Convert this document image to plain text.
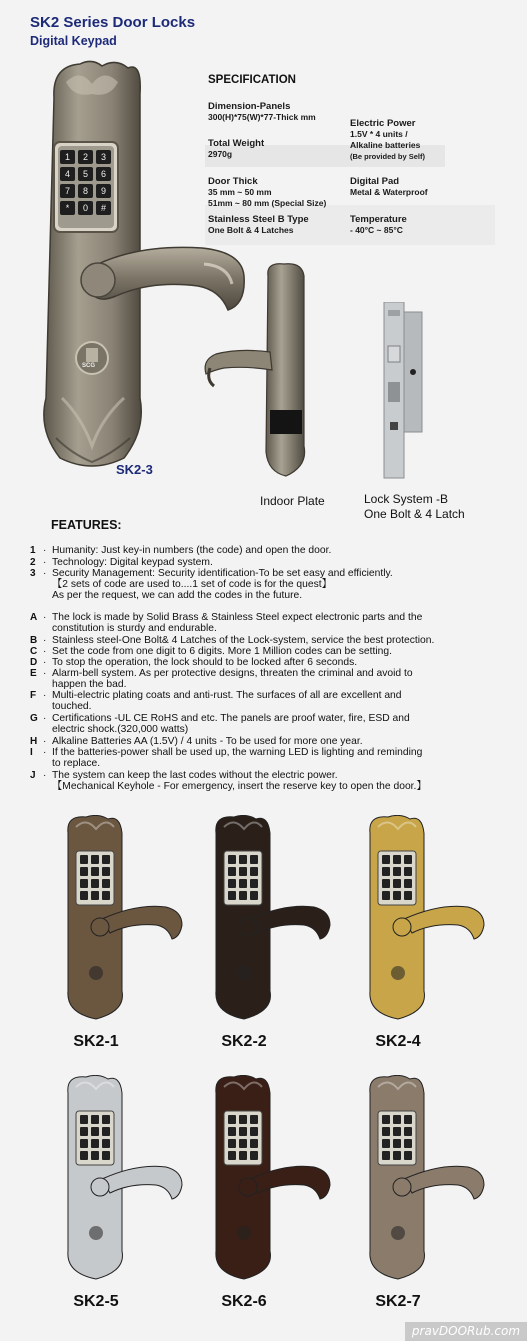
SK2 Series Door Locks
Digital Keypad
1	2	3
4	5	6
7	8	9
*	0	#
SCG
SK2-3
SPECIFICATION
Dimension-Panels
300(H)*75(W)*77-Thick mm
Total Weight
2970g
Door Thick
35 mm ~ 50 mm
51mm ~ 80 mm (Special Size)
Stainless Steel B Type
One Bolt & 4 Latches
Electric Power
1.5V * 4 units /
Alkaline batteries
(Be provided by Self)
Digital Pad
Metal & Waterproof
Temperature
- 40°C ~ 85°C
Indoor Plate	Lock System -B
One Bolt & 4 Latch
FEATURES:
1 · Humanity: Just key-in numbers (the code) and open the door.
2 · Technology: Digital keypad system.
3 · Security Management: Security identification-To be set easy and efficiently.
【2 sets of code are used to....1 set of code is for the quest】
As per the request, we can add the codes in the future.
A · The lock is made by Solid Brass & Stainless Steel expect electronic parts and the
constitution is sturdy and endurable.
B · Stainless steel-One Bolt& 4 Latches of the Lock-system, service the best protection.
C · Set the code from one digit to 6 digits. More 1 Million codes can be setting.
D · To stop the operation, the lock should to be locked after 6 seconds.
E · Alarm-bell system. As per protective designs, threaten the criminal and avoid to
happen the bad.
F · Multi-electric plating coats and anti-rust. The surfaces of all are excellent and
touched.
G · Certifications -UL CE RoHS and etc. The panels are proof water, fire, ESD and
electric shock.(320,000 watts)
H · Alkaline Batteries AA (1.5V) / 4 units - To be used for more one year.
I	· If the batteries-power shall be used up, the warning LED is lighting and reminding
to replace.
J · The system can keep the last codes without the electric power.
【Mechanical Keyhole - For emergency, insert the reserve key to open the door.】
SK2-1	SK2-2	SK2-4
SK2-5	SK2-6	SK2-7
pravDOORub.com
